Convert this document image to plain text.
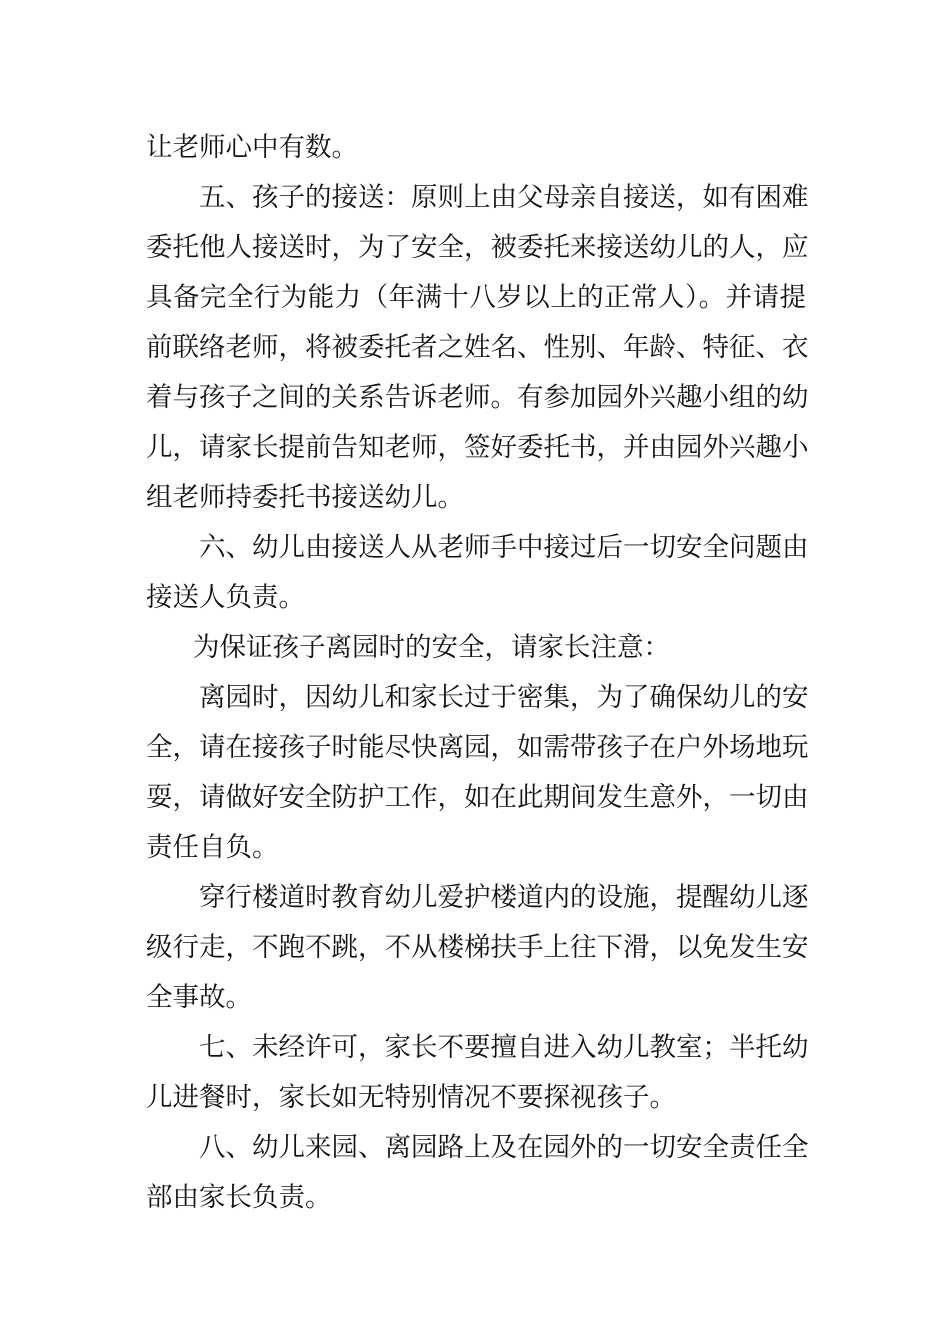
让老师心中有数。

五、孩子的接送：原则上由父母亲自接送，如有困难

委托他人接送时，为了安全，被委托来接送幼儿的人，应

具备完全行为能力（年满十八岁以上的正常人）。并请提

前联络老师，将被委托者之姓名、性别、年龄、特征、衣

着与孩子之间的关系告诉老师。有参加园外兴趣小组的幼

儿，请家长提前告知老师，签好委托书，并由园外兴趣小

组老师持委托书接送幼儿。

六、幼儿由接送人从老师手中接过后一切安全问题由

接送人负责。

为保证孩子离园时的安全，请家长注意：

离园时，因幼儿和家长过于密集，为了确保幼儿的安

全，请在接孩子时能尽快离园，如需带孩子在户外场地玩

耍，请做好安全防护工作，如在此期间发生意外，一切由

责任自负。

穿行楼道时教育幼儿爱护楼道内的设施，提醒幼儿逐

级行走，不跑不跳，不从楼梯扶手上往下滑，以免发生安

全事故。

七、未经许可，家长不要擅自进入幼儿教室；半托幼

儿进餐时，家长如无特别情况不要探视孩子。

八、幼儿来园、离园路上及在园外的一切安全责任全

部由家长负责。
